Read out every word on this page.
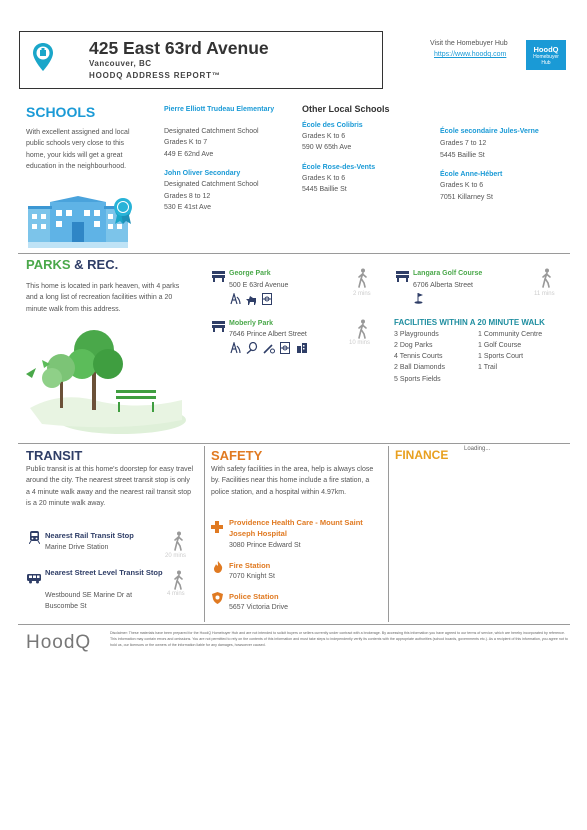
425 East 63rd Avenue
Vancouver, BC
HOODQ ADDRESS REPORT™
Visit the Homebuyer Hub
https://www.hoodq.com
HoodQ
Homebuyer Hub
SCHOOLS
With excellent assigned and local public schools very close to this home, your kids will get a great education in the neighbourhood.
Pierre Elliott Trudeau Elementary
Designated Catchment School
Grades K to 7
449 E 62nd Ave
John Oliver Secondary
Designated Catchment School
Grades 8 to 12
530 E 41st Ave
Other Local Schools
École des Colibris
Grades K to 6
590 W 65th Ave
École Rose-des-Vents
Grades K to 6
5445 Baillie St
École secondaire Jules-Verne
Grades 7 to 12
5445 Baillie St
École Anne-Hébert
Grades K to 6
7051 Killarney St
PARKS & REC.
This home is located in park heaven, with 4 parks and a long list of recreation facilities within a 20 minute walk from this address.
George Park
500 E 63rd Avenue
2 mins
Langara Golf Course
6706 Alberta Street
11 mins
Moberly Park
7646 Prince Albert Street
10 mins
FACILITIES WITHIN A 20 MINUTE WALK
3 Playgrounds
2 Dog Parks
4 Tennis Courts
2 Ball Diamonds
5 Sports Fields
1 Community Centre
1 Golf Course
1 Sports Court
1 Trail
TRANSIT
Public transit is at this home's doorstep for easy travel around the city. The nearest street transit stop is only a 4 minute walk away and the nearest rail transit stop is a 20 minute walk away.
Nearest Rail Transit Stop
Marine Drive Station
20 mins
Nearest Street Level Transit Stop
Westbound SE Marine Dr at Buscombe St
4 mins
SAFETY
With safety facilities in the area, help is always close by. Facilities near this home include a fire station, a police station, and a hospital within 4.97km.
Providence Health Care - Mount Saint Joseph Hospital
3080 Prince Edward St
Fire Station
7070 Knight St
Police Station
5657 Victoria Drive
FINANCE	Loading...
HoodQ	Disclaimer: These materials have been prepared for the HoodQ Homebuyer Hub and are not intended to solicit buyers or sellers currently under contract with a brokerage. By accessing this information you have agreed to our terms of service, which are hereby incorporated by reference. This information may contain errors and omissions. You are not permitted to rely on the contents of this information and must take steps to independently verify its contents with the appropriate authorities (school boards, governments etc.). As a recipient of this information, you agree not to hold us, our licensors or the owners of the information liable for any damages, howsoever caused.
